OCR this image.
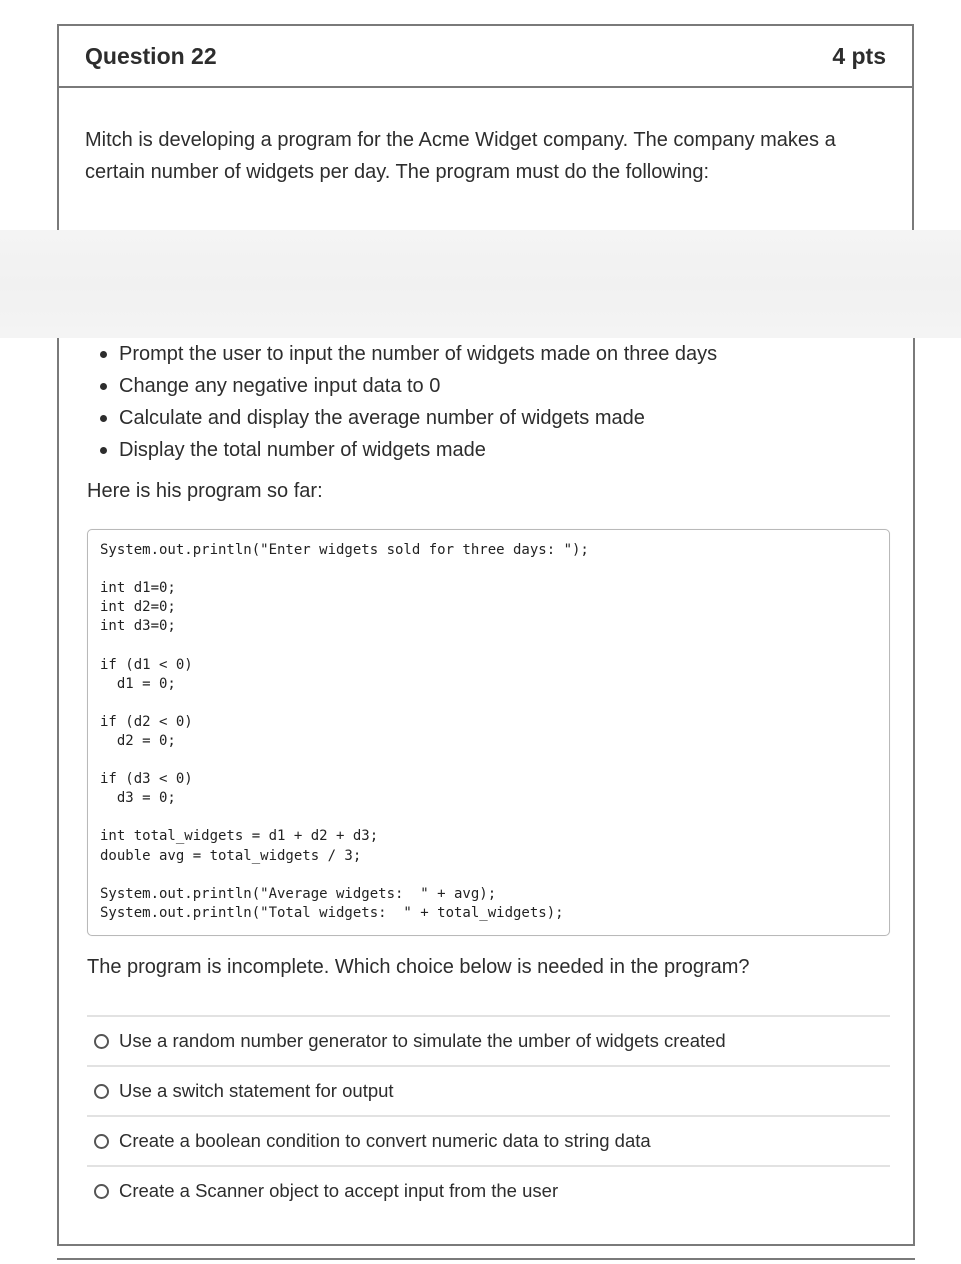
Question 22	4 pts

Mitch is developing a program for the Acme Widget company. The company makes a certain number of widgets per day. The program must do the following:

Prompt the user to input the number of widgets made on three days
Change any negative input data to 0
Calculate and display the average number of widgets made
Display the total number of widgets made

Here is his program so far:

System.out.println("Enter widgets sold for three days: ");

int d1=0;
int d2=0;
int d3=0;

if (d1 < 0)
d1 = 0;

if (d2 < 0)
d2 = 0;

if (d3 < 0)
d3 = 0;

int total_widgets = d1 + d2 + d3;
double avg = total_widgets / 3;

System.out.println("Average widgets:  " + avg);
System.out.println("Total widgets:  " + total_widgets);

The program is incomplete. Which choice below is needed in the program?

Use a random number generator to simulate the umber of widgets created
Use a switch statement for output
Create a boolean condition to convert numeric data to string data
Create a Scanner object to accept input from the user
